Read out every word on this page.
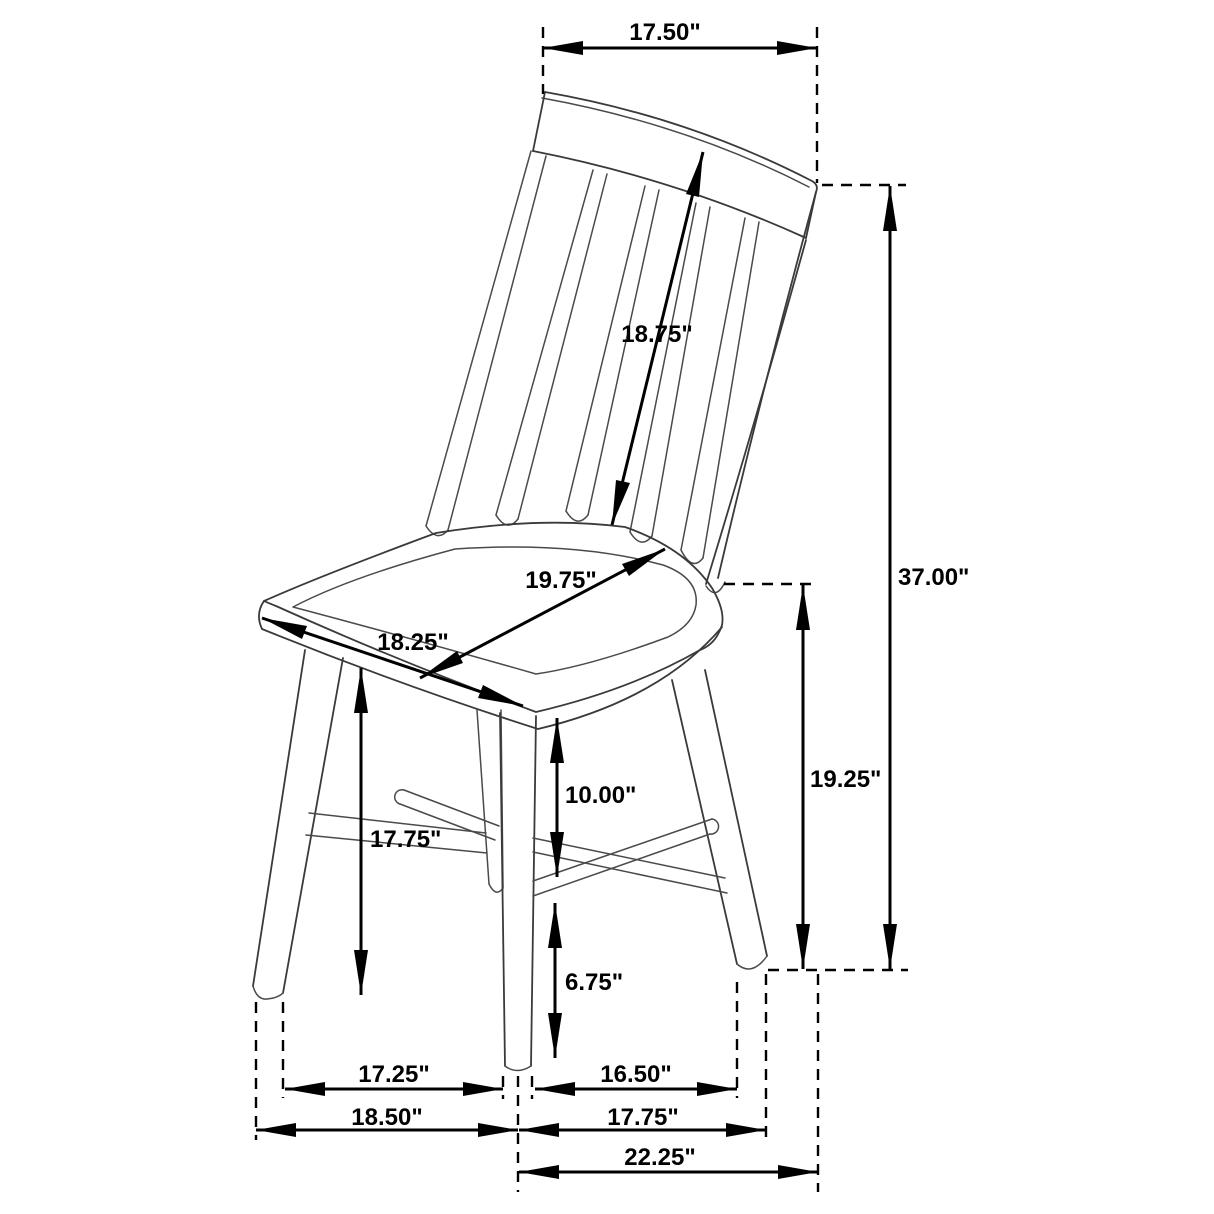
17.50"
18.75"
37.00"
19.75"
18.25"
19.25"
17.75"
10.00"
6.75"
17.25"	16.50"
18.50"	17.75"
22.25"
